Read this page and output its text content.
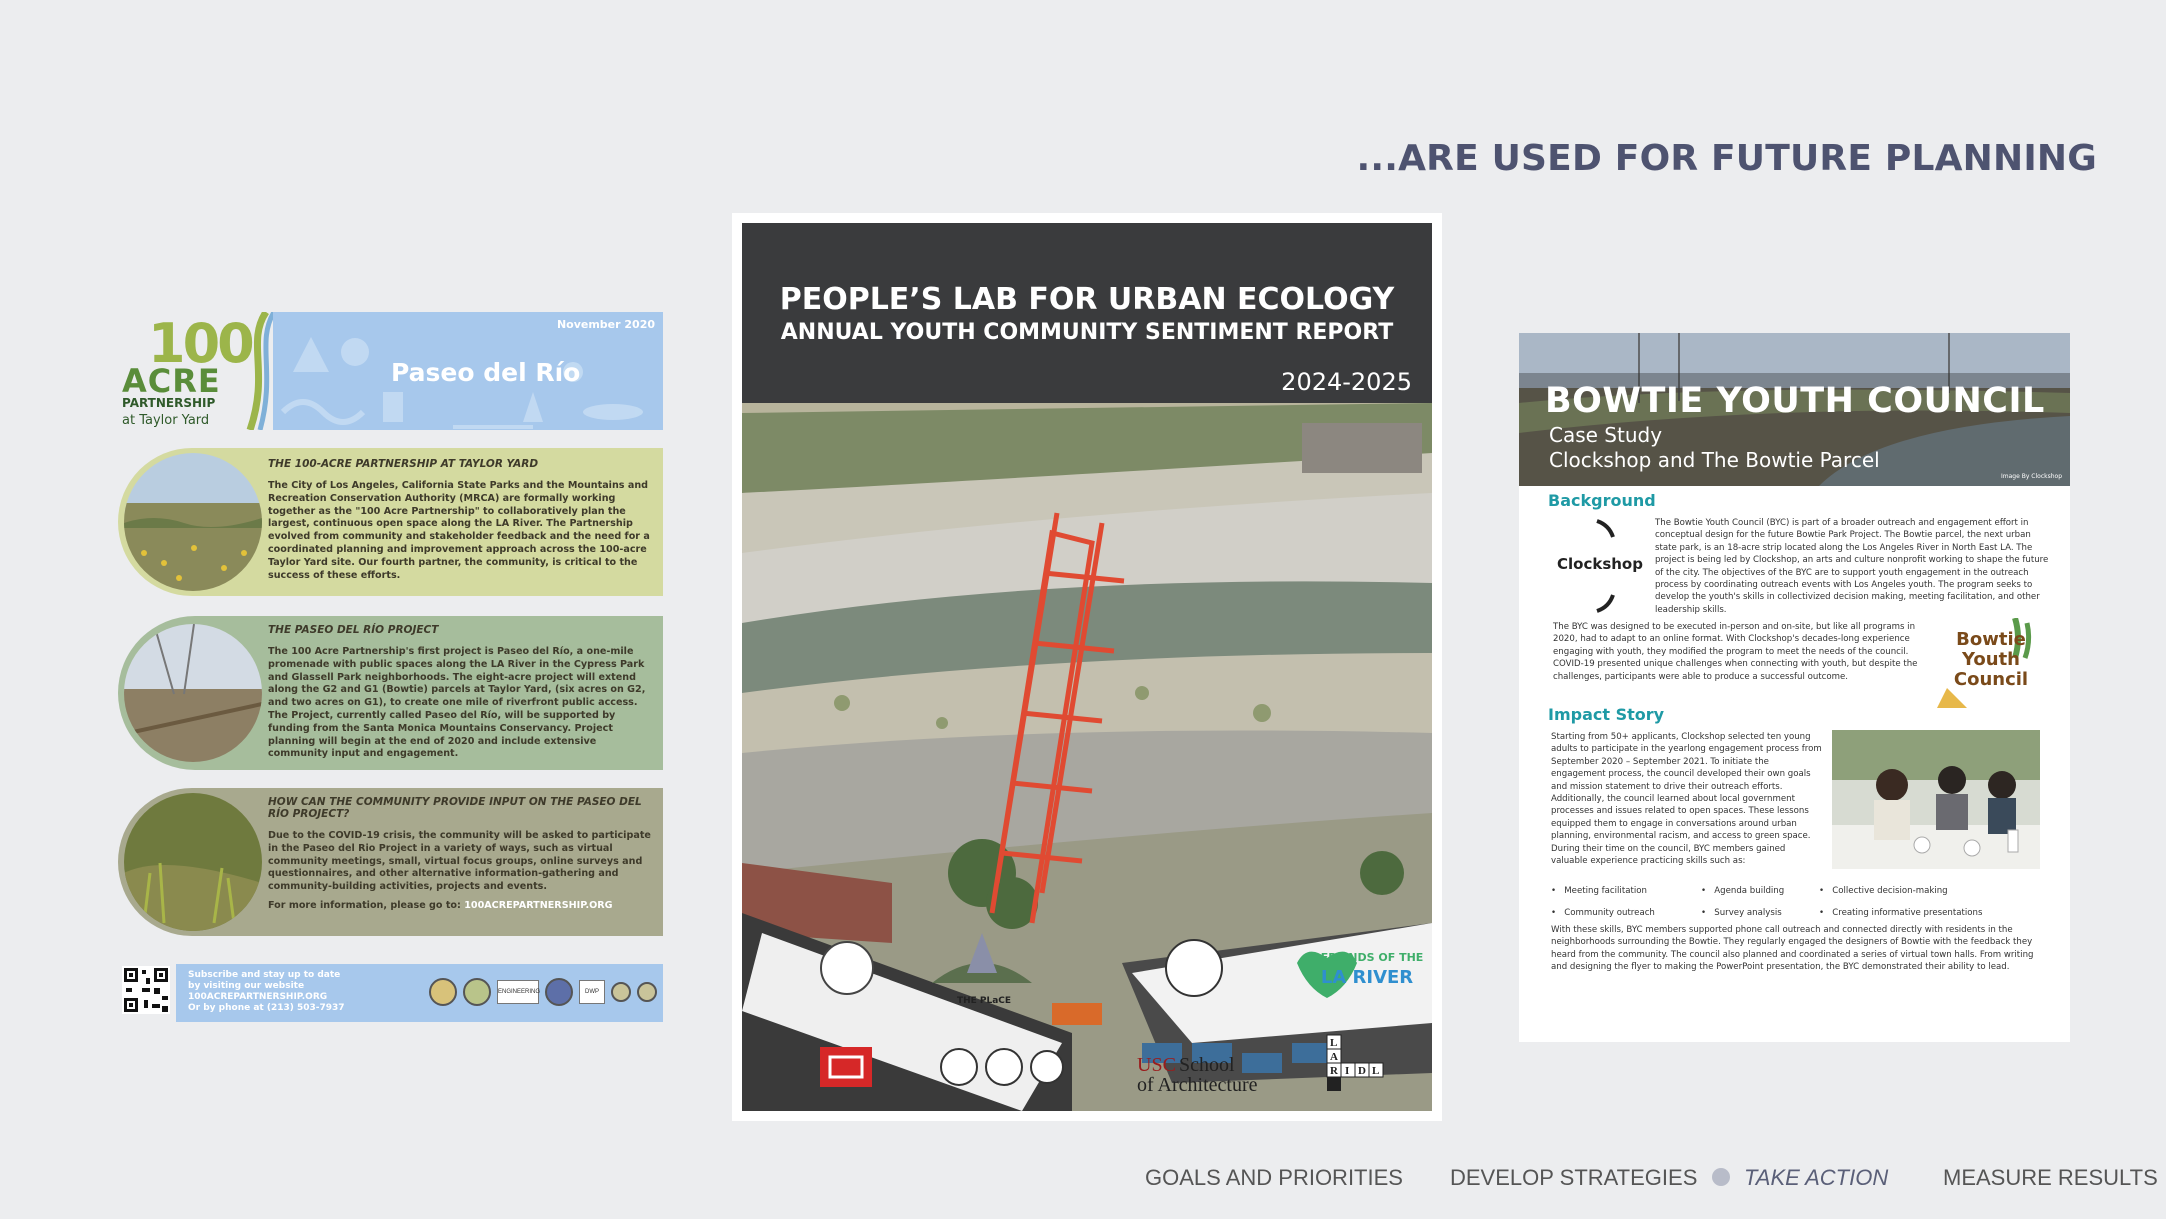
...ARE USED FOR FUTURE PLANNING
100
ACRE
PARTNERSHIP
at Taylor Yard
November 2020
Paseo del Río
THE 100-ACRE PARTNERSHIP AT TAYLOR YARD

The City of Los Angeles, California State Parks and the Mountains and Recreation Conservation Authority (MRCA) are formally working together as the "100 Acre Partnership" to collaboratively plan the largest, continuous open space along the LA River. The Partnership evolved from community and stakeholder feedback and the need for a coordinated planning and improvement approach across the 100-acre Taylor Yard site. Our fourth partner, the community, is critical to the success of these efforts.

THE PASEO DEL RÍO PROJECT

The 100 Acre Partnership's first project is Paseo del Río, a one-mile promenade with public spaces along the LA River in the Cypress Park and Glassell Park neighborhoods. The eight-acre project will extend along the G2 and G1 (Bowtie) parcels at Taylor Yard, (six acres on G2, and two acres on G1), to create one mile of riverfront public access. The Project, currently called Paseo del Río, will be supported by funding from the Santa Monica Mountains Conservancy. Project planning will begin at the end of 2020 and include extensive community input and engagement.

HOW CAN THE COMMUNITY PROVIDE INPUT ON THE PASEO DEL RÍO PROJECT?

Due to the COVID-19 crisis, the community will be asked to participate in the Paseo del Rio Project in a variety of ways, such as virtual community meetings, small, virtual focus groups, online surveys and questionnaires, and other alternative information-gathering and community-building activities, projects and events.

For more information, please go to: 100ACREPARTNERSHIP.ORG

Subscribe and stay up to date
by visiting our website
100ACREPARTNERSHIP.ORG
Or by phone at (213) 503-7937
ENGINEERING	DWP
THE PLaCE
FRIENDS OF THE
LA RIVER
USC School
of Architecture
L
A
R I D L
PEOPLE’S LAB FOR URBAN ECOLOGY
ANNUAL YOUTH COMMUNITY SENTIMENT REPORT
2024-2025	BOWTIE YOUTH COUNCIL
Case Study
Clockshop and The Bowtie Parcel
Image By Clockshop
Background
Clockshop
The Bowtie Youth Council (BYC) is part of a broader outreach and engagement effort in conceptual design for the future Bowtie Park Project. The Bowtie parcel, the next urban state park, is an 18-acre strip located along the Los Angeles River in North East LA. The project is being led by Clockshop, an arts and culture nonprofit working to shape the future of the city. The objectives of the BYC are to support youth engagement in the outreach process by coordinating outreach events with Los Angeles youth. The program seeks to develop the youth's skills in collectivized decision making, meeting facilitation, and other leadership skills.
The BYC was designed to be executed in-person and on-site, but like all programs in 2020, had to adapt to an online format. With Clockshop's decades-long experience engaging with youth, they modified the program to meet the needs of the council. COVID-19 presented unique challenges when connecting with youth, but despite the challenges, participants were able to produce a successful outcome.
Bowtie
Youth
Council
Impact Story
Starting from 50+ applicants, Clockshop selected ten young adults to participate in the yearlong engagement process from September 2020 – September 2021. To initiate the engagement process, the council developed their own goals and mission statement to drive their outreach efforts. Additionally, the council learned about local government processes and issues related to open spaces. These lessons equipped them to engage in conversations around urban planning, environmental racism, and access to green space. During their time on the council, BYC members gained valuable experience practicing skills such as:
• Meeting facilitation	• Agenda building	• Collective decision-making
• Community outreach	• Survey analysis	• Creating informative presentations
With these skills, BYC members supported phone call outreach and connected directly with residents in the neighborhoods surrounding the Bowtie. They regularly engaged the designers of Bowtie with the feedback they heard from the community. The council also planned and coordinated a series of virtual town halls. From writing and designing the flyer to making the PowerPoint presentation, the BYC demonstrated their ability to lead.
GOALS AND PRIORITIES DEVELOP STRATEGIES TAKE ACTION MEASURE RESULTS
